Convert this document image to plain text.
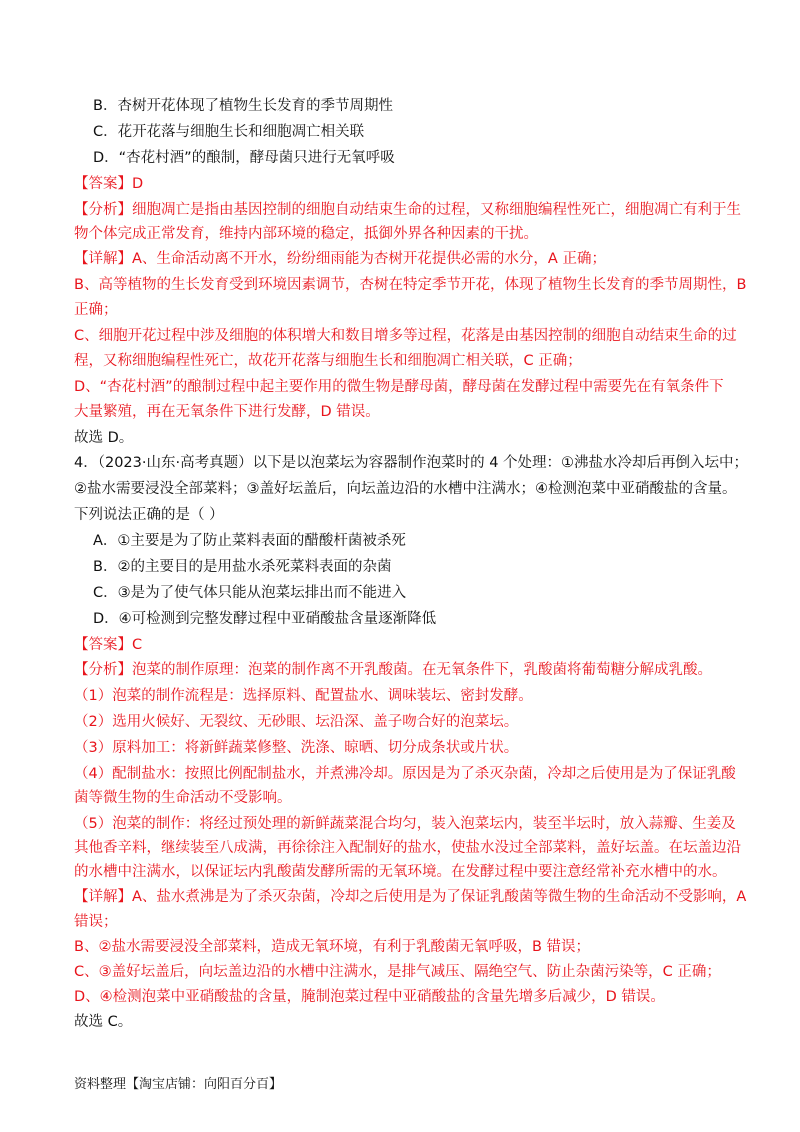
B．杏树开花体现了植物生长发育的季节周期性
C．花开花落与细胞生长和细胞凋亡相关联
D．“杏花村酒”的酿制，酵母菌只进行无氧呼吸
【答案】D
【分析】细胞凋亡是指由基因控制的细胞自动结束生命的过程，又称细胞编程性死亡，细胞凋亡有利于生
物个体完成正常发育，维持内部环境的稳定，抵御外界各种因素的干扰。
【详解】A、生命活动离不开水，纷纷细雨能为杏树开花提供必需的水分，A 正确；
B、高等植物的生长发育受到环境因素调节，杏树在特定季节开花，体现了植物生长发育的季节周期性，B
正确；
C、细胞开花过程中涉及细胞的体积增大和数目增多等过程，花落是由基因控制的细胞自动结束生命的过
程，又称细胞编程性死亡，故花开花落与细胞生长和细胞凋亡相关联，C 正确；
D、“杏花村酒”的酿制过程中起主要作用的微生物是酵母菌，酵母菌在发酵过程中需要先在有氧条件下
大量繁殖，再在无氧条件下进行发酵，D 错误。
故选 D。
4．（2023·山东·高考真题）以下是以泡菜坛为容器制作泡菜时的 4 个处理：①沸盐水冷却后再倒入坛中；
②盐水需要浸没全部菜料；③盖好坛盖后，向坛盖边沿的水槽中注满水；④检测泡菜中亚硝酸盐的含量。
下列说法正确的是（ ）
A．①主要是为了防止菜料表面的醋酸杆菌被杀死
B．②的主要目的是用盐水杀死菜料表面的杂菌
C．③是为了使气体只能从泡菜坛排出而不能进入
D．④可检测到完整发酵过程中亚硝酸盐含量逐渐降低
【答案】C
【分析】泡菜的制作原理：泡菜的制作离不开乳酸菌。在无氧条件下，乳酸菌将葡萄糖分解成乳酸。
（1）泡菜的制作流程是：选择原料、配置盐水、调味装坛、密封发酵。
（2）选用火候好、无裂纹、无砂眼、坛沿深、盖子吻合好的泡菜坛。
（3）原料加工：将新鲜蔬菜修整、洗涤、晾晒、切分成条状或片状。
（4）配制盐水：按照比例配制盐水，并煮沸冷却。原因是为了杀灭杂菌，冷却之后使用是为了保证乳酸
菌等微生物的生命活动不受影响。
（5）泡菜的制作：将经过预处理的新鲜蔬菜混合均匀，装入泡菜坛内，装至半坛时，放入蒜瓣、生姜及
其他香辛料，继续装至八成满，再徐徐注入配制好的盐水，使盐水没过全部菜料，盖好坛盖。在坛盖边沿
的水槽中注满水，以保证坛内乳酸菌发酵所需的无氧环境。在发酵过程中要注意经常补充水槽中的水。
【详解】A、盐水煮沸是为了杀灭杂菌，冷却之后使用是为了保证乳酸菌等微生物的生命活动不受影响，A
错误；
B、②盐水需要浸没全部菜料，造成无氧环境，有利于乳酸菌无氧呼吸，B 错误；
C、③盖好坛盖后，向坛盖边沿的水槽中注满水，是排气减压、隔绝空气、防止杂菌污染等，C 正确；
D、④检测泡菜中亚硝酸盐的含量，腌制泡菜过程中亚硝酸盐的含量先增多后减少，D 错误。
故选 C。
资料整理【淘宝店铺：向阳百分百】
